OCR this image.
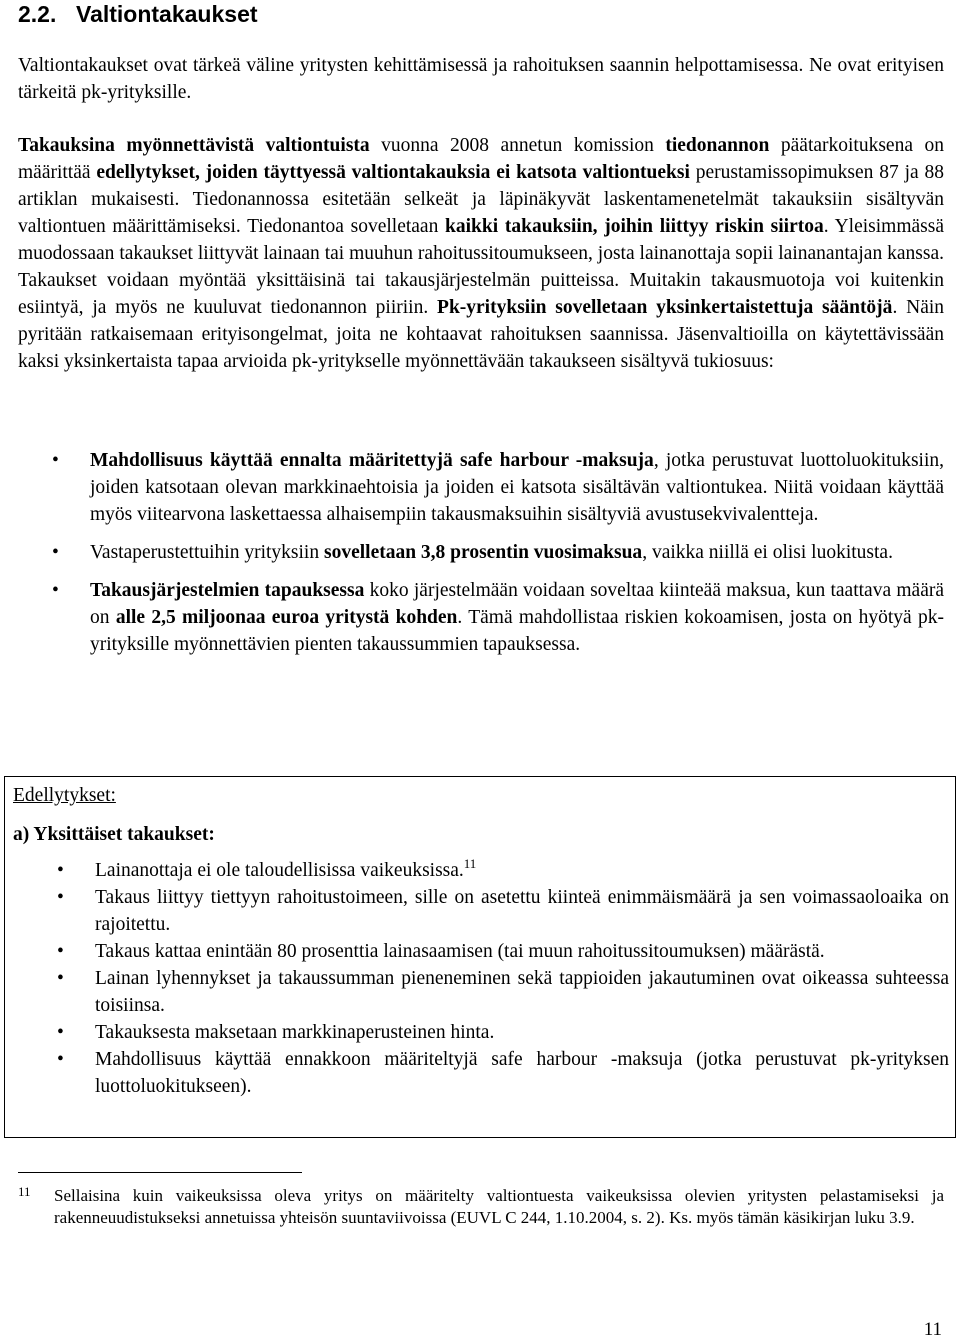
2.2. Valtiontakaukset

Valtiontakaukset ovat tärkeä väline yritysten kehittämisessä ja rahoituksen saannin helpottamisessa. Ne ovat erityisen tärkeitä pk-yrityksille.

Takauksina myönnettävistä valtiontuista vuonna 2008 annetun komission tiedonannon päätarkoituksena on määrittää edellytykset, joiden täyttyessä valtiontakauksia ei katsota valtiontueksi perustamissopimuksen 87 ja 88 artiklan mukaisesti. Tiedonannossa esitetään selkeät ja läpinäkyvät laskentamenetelmät takauksiin sisältyvän valtiontuen määrittämiseksi. Tiedonantoa sovelletaan kaikki takauksiin, joihin liittyy riskin siirtoa. Yleisimmässä muodossaan takaukset liittyvät lainaan tai muuhun rahoitussitoumukseen, josta lainanottaja sopii lainanantajan kanssa. Takaukset voidaan myöntää yksittäisinä tai takausjärjestelmän puitteissa. Muitakin takausmuotoja voi kuitenkin esiintyä, ja myös ne kuuluvat tiedonannon piiriin. Pk-yrityksiin sovelletaan yksinkertaistettuja sääntöjä. Näin pyritään ratkaisemaan erityisongelmat, joita ne kohtaavat rahoituksen saannissa. Jäsenvaltioilla on käytettävissään kaksi yksinkertaista tapaa arvioida pk-yritykselle myönnettävään takaukseen sisältyvä tukiosuus:

• Mahdollisuus käyttää ennalta määritettyjä safe harbour -maksuja, jotka perustuvat luottoluokituksiin, joiden katsotaan olevan markkinaehtoisia ja joiden ei katsota sisältävän valtiontukea. Niitä voidaan käyttää myös viitearvona laskettaessa alhaisempiin takausmaksuihin sisältyviä avustusekvivalentteja.
• Vastaperustettuihin yrityksiin sovelletaan 3,8 prosentin vuosimaksua, vaikka niillä ei olisi luokitusta.
• Takausjärjestelmien tapauksessa koko järjestelmään voidaan soveltaa kiinteää maksua, kun taattava määrä on alle 2,5 miljoonaa euroa yritystä kohden. Tämä mahdollistaa riskien kokoamisen, josta on hyötyä pk-yrityksille myönnettävien pienten takaussummien tapauksessa.

Edellytykset:

a) Yksittäiset takaukset:

• Lainanottaja ei ole taloudellisissa vaikeuksissa.$^{11}$
• Takaus liittyy tiettyyn rahoitustoimeen, sille on asetettu kiinteä enimmäismäärä ja sen voimassaoloaika on rajoitettu.
• Takaus kattaa enintään 80 prosenttia lainasaamisen (tai muun rahoitussitoumuksen) määrästä.
• Lainan lyhennykset ja takaussumman pieneneminen sekä tappioiden jakautuminen ovat oikeassa suhteessa toisiinsa.
• Takauksesta maksetaan markkinaperusteinen hinta.
• Mahdollisuus käyttää ennakkoon määriteltyjä safe harbour -maksuja (jotka perustuvat pk-yrityksen luottoluokitukseen).
11 Sellaisina kuin vaikeuksissa oleva yritys on määritelty valtiontuesta vaikeuksissa olevien yritysten pelastamiseksi ja rakenneuudistukseksi annetuissa yhteisön suuntaviivoissa (EUVL C 244, 1.10.2004, s. 2). Ks. myös tämän käsikirjan luku 3.9.

11
